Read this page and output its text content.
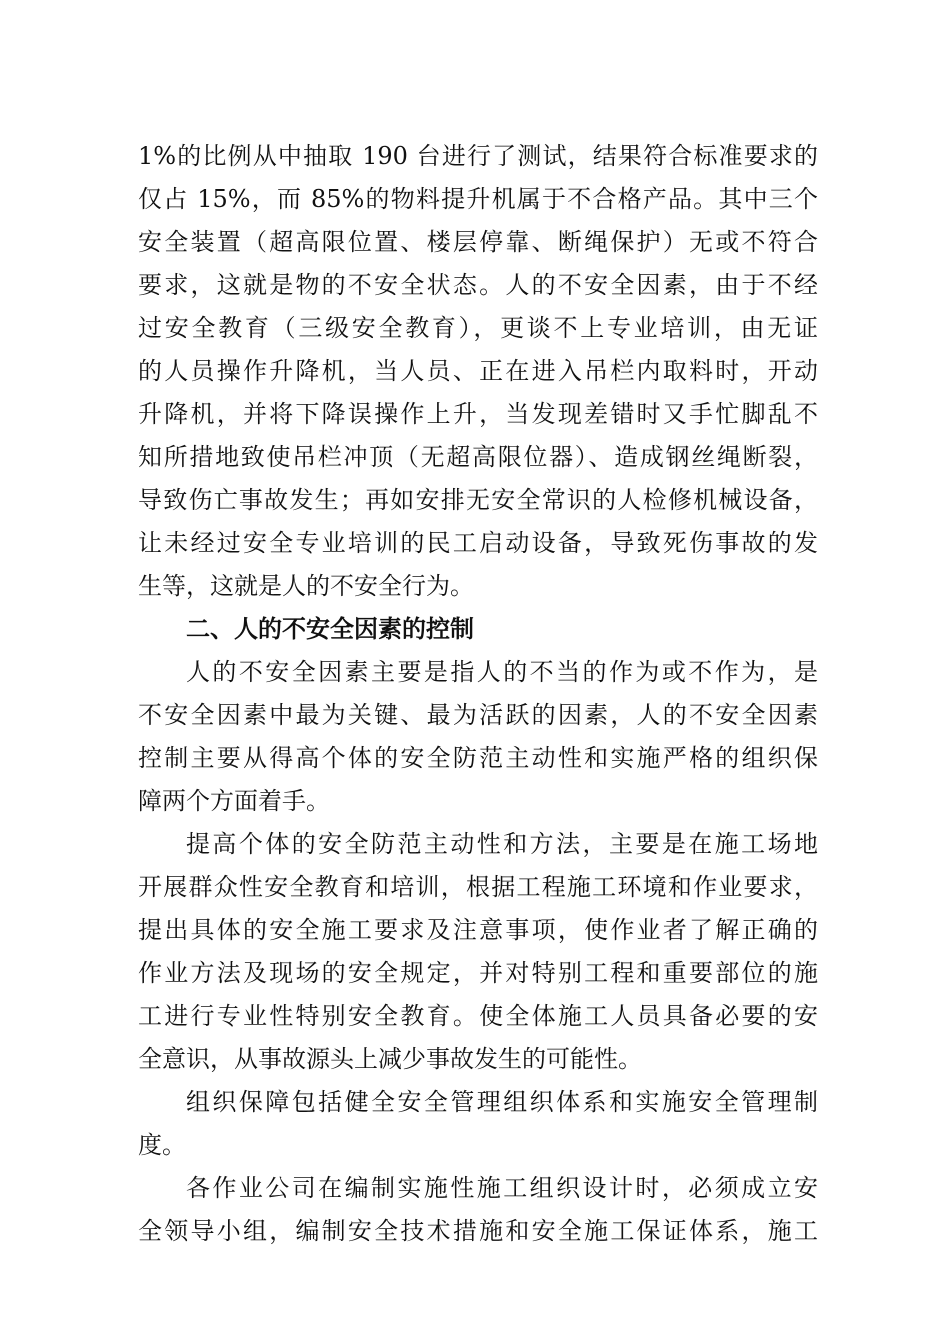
1%的比例从中抽取 190 台进行了测试，结果符合标准要求的
仅占 15%，而 85%的物料提升机属于不合格产品。其中三个
安全装置（超高限位置、楼层停靠、断绳保护）无或不符合
要求，这就是物的不安全状态。人的不安全因素，由于不经
过安全教育（三级安全教育），更谈不上专业培训，由无证
的人员操作升降机，当人员、正在进入吊栏内取料时，开动
升降机，并将下降误操作上升，当发现差错时又手忙脚乱不
知所措地致使吊栏冲顶（无超高限位器）、造成钢丝绳断裂，
导致伤亡事故发生；再如安排无安全常识的人检修机械设备，
让未经过安全专业培训的民工启动设备，导致死伤事故的发
生等，这就是人的不安全行为。
二、人的不安全因素的控制
人的不安全因素主要是指人的不当的作为或不作为，是
不安全因素中最为关键、最为活跃的因素，人的不安全因素
控制主要从得高个体的安全防范主动性和实施严格的组织保
障两个方面着手。
提高个体的安全防范主动性和方法，主要是在施工场地
开展群众性安全教育和培训，根据工程施工环境和作业要求，
提出具体的安全施工要求及注意事项，使作业者了解正确的
作业方法及现场的安全规定，并对特别工程和重要部位的施
工进行专业性特别安全教育。使全体施工人员具备必要的安
全意识，从事故源头上减少事故发生的可能性。
组织保障包括健全安全管理组织体系和实施安全管理制
度。
各作业公司在编制实施性施工组织设计时，必须成立安
全领导小组，编制安全技术措施和安全施工保证体系，施工
